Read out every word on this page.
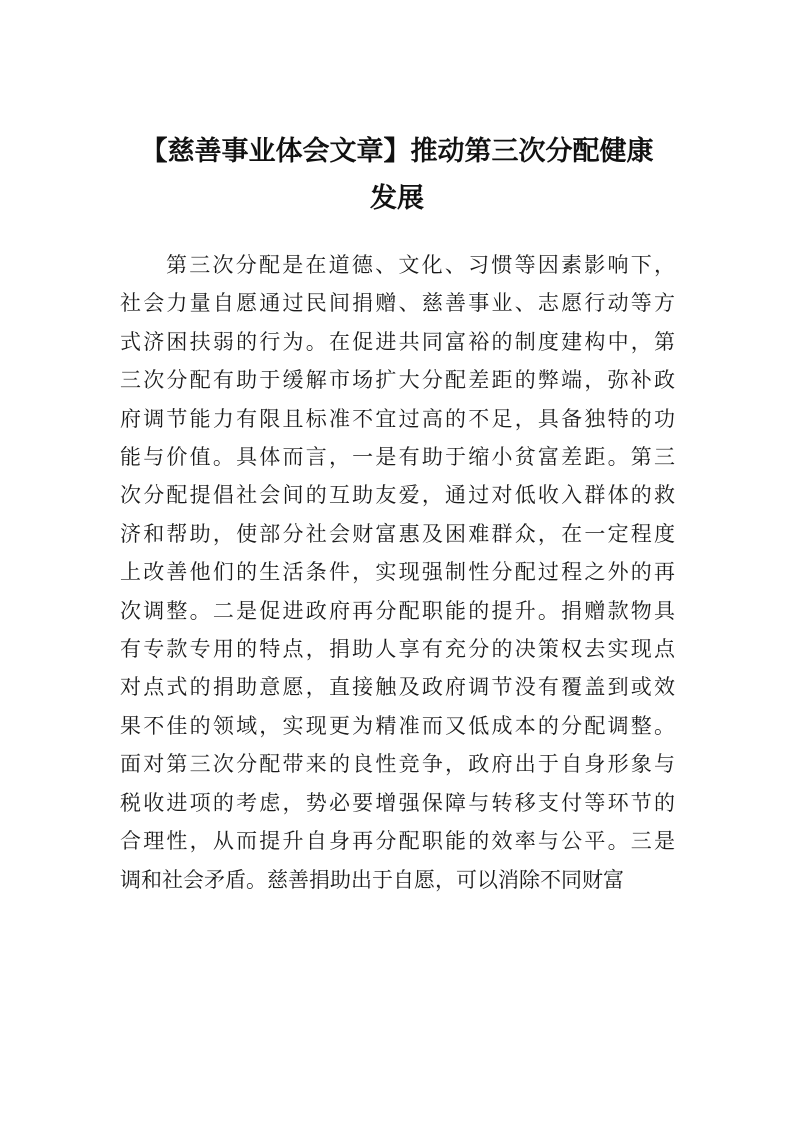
【慈善事业体会文章】推动第三次分配健康
发展

第三次分配是在道德、文化、习惯等因素影响下，
社会力量自愿通过民间捐赠、慈善事业、志愿行动等方
式济困扶弱的行为。在促进共同富裕的制度建构中，第
三次分配有助于缓解市场扩大分配差距的弊端，弥补政
府调节能力有限且标准不宜过高的不足，具备独特的功
能与价值。具体而言，一是有助于缩小贫富差距。第三
次分配提倡社会间的互助友爱，通过对低收入群体的救
济和帮助，使部分社会财富惠及困难群众，在一定程度
上改善他们的生活条件，实现强制性分配过程之外的再
次调整。二是促进政府再分配职能的提升。捐赠款物具
有专款专用的特点，捐助人享有充分的决策权去实现点
对点式的捐助意愿，直接触及政府调节没有覆盖到或效
果不佳的领域，实现更为精准而又低成本的分配调整。
面对第三次分配带来的良性竞争，政府出于自身形象与
税收进项的考虑，势必要增强保障与转移支付等环节的
合理性，从而提升自身再分配职能的效率与公平。三是
调和社会矛盾。慈善捐助出于自愿，可以消除不同财富
